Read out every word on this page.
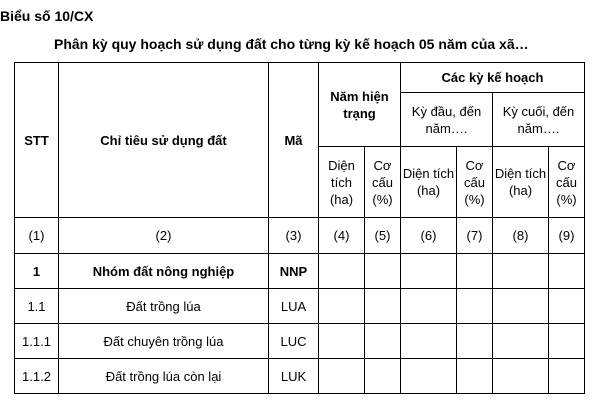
Biểu số 10/CX
Phân kỳ quy hoạch sử dụng đất cho từng kỳ kế hoạch 05 năm của xã…
STT	Chỉ tiêu sử dụng đất	Mã	Năm hiện trạng		Các kỳ kế hoạch			
					Kỳ đầu, đến năm….		Kỳ cuối, đến năm….	
			Diện tích (ha)	Cơ cấu (%)	Diện tích (ha)	Cơ cấu (%)	Diện tích (ha)	Cơ cấu (%)
(1)	(2)	(3)	(4)	(5)	(6)	(7)	(8)	(9)
1	Nhóm đất nông nghiệp	NNP						
1.1	Đất trồng lúa	LUA						
1.1.1	Đất chuyên trồng lúa	LUC						
1.1.2	Đất trồng lúa còn lại	LUK						
